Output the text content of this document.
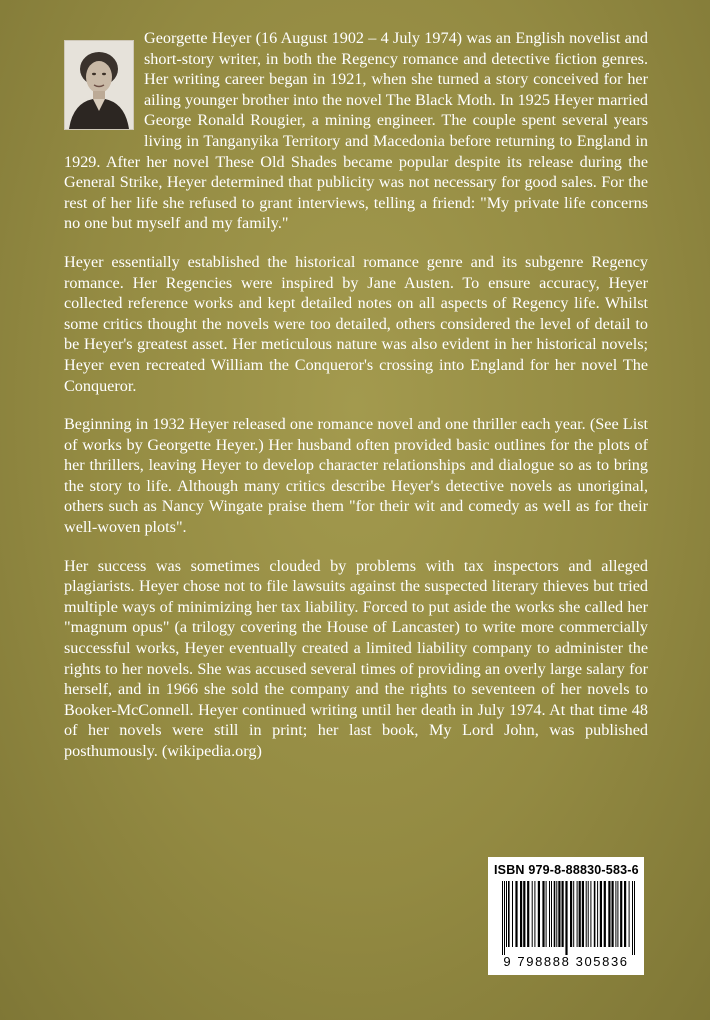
Georgette Heyer (16 August 1902 – 4 July 1974) was an English novelist and short-story writer, in both the Regency romance and detective fiction genres. Her writing career began in 1921, when she turned a story conceived for her ailing younger brother into the novel The Black Moth. In 1925 Heyer married George Ronald Rougier, a mining engineer. The couple spent several years living in Tanganyika Territory and Macedonia before returning to England in 1929. After her novel These Old Shades became popular despite its release during the General Strike, Heyer determined that publicity was not necessary for good sales. For the rest of her life she refused to grant interviews, telling a friend: "My private life concerns no one but myself and my family."

Heyer essentially established the historical romance genre and its subgenre Regency romance. Her Regencies were inspired by Jane Austen. To ensure accuracy, Heyer collected reference works and kept detailed notes on all aspects of Regency life. Whilst some critics thought the novels were too detailed, others considered the level of detail to be Heyer's greatest asset. Her meticulous nature was also evident in her historical novels; Heyer even recreated William the Conqueror's crossing into England for her novel The Conqueror.

Beginning in 1932 Heyer released one romance novel and one thriller each year. (See List of works by Georgette Heyer.) Her husband often provided basic outlines for the plots of her thrillers, leaving Heyer to develop character relationships and dialogue so as to bring the story to life. Although many critics describe Heyer's detective novels as unoriginal, others such as Nancy Wingate praise them "for their wit and comedy as well as for their well-woven plots".

Her success was sometimes clouded by problems with tax inspectors and alleged plagiarists. Heyer chose not to file lawsuits against the suspected literary thieves but tried multiple ways of minimizing her tax liability. Forced to put aside the works she called her "magnum opus" (a trilogy covering the House of Lancaster) to write more commercially successful works, Heyer eventually created a limited liability company to administer the rights to her novels. She was accused several times of providing an overly large salary for herself, and in 1966 she sold the company and the rights to seventeen of her novels to Booker-McConnell. Heyer continued writing until her death in July 1974. At that time 48 of her novels were still in print; her last book, My Lord John, was published posthumously. (wikipedia.org)

ISBN 979-8-88830-583-6
9 798888 305836
